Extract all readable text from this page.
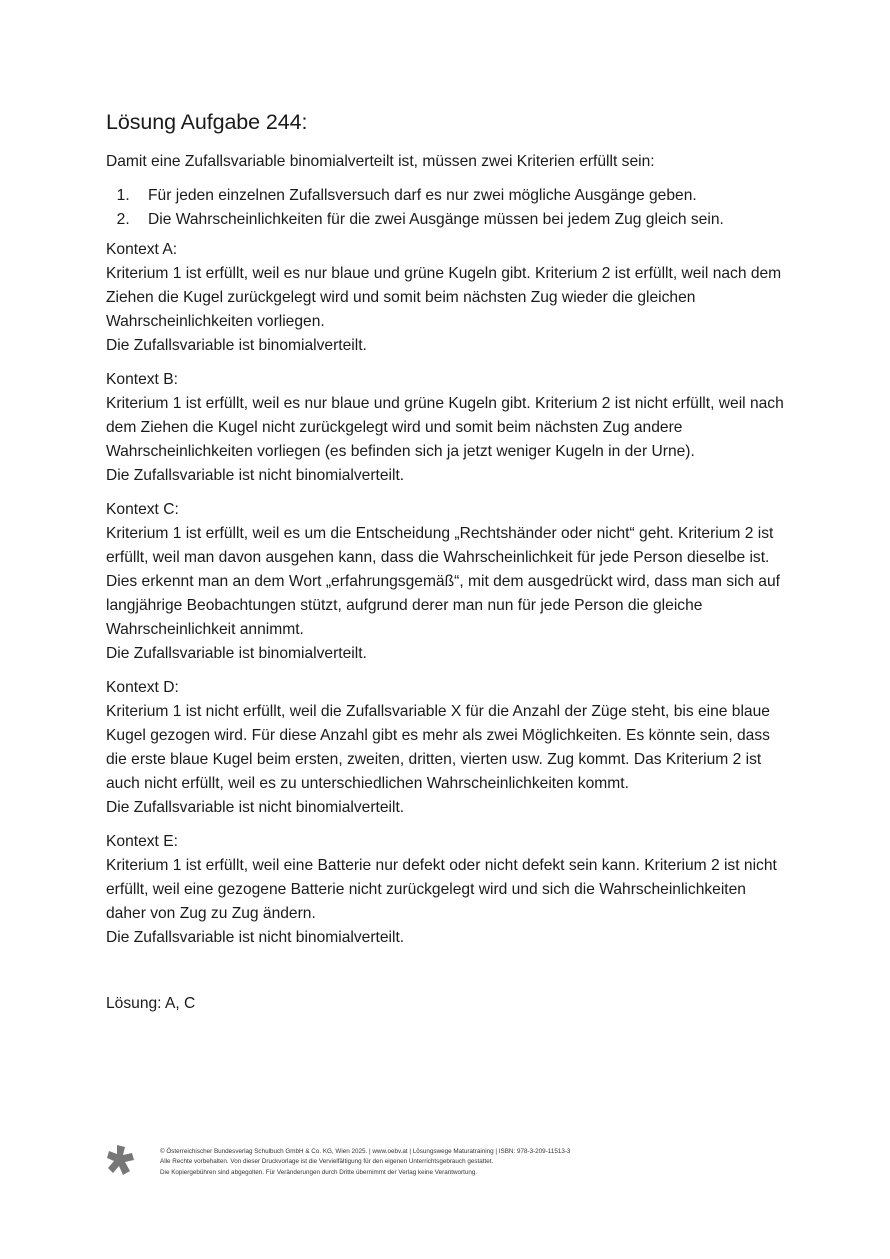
Lösung Aufgabe 244:

Damit eine Zufallsvariable binomialverteilt ist, müssen zwei Kriterien erfüllt sein:

1. Für jeden einzelnen Zufallsversuch darf es nur zwei mögliche Ausgänge geben.
2. Die Wahrscheinlichkeiten für die zwei Ausgänge müssen bei jedem Zug gleich sein.
Kontext A:
Kriterium 1 ist erfüllt, weil es nur blaue und grüne Kugeln gibt. Kriterium 2 ist erfüllt, weil nach dem Ziehen die Kugel zurückgelegt wird und somit beim nächsten Zug wieder die gleichen Wahrscheinlichkeiten vorliegen.
Die Zufallsvariable ist binomialverteilt.
Kontext B:
Kriterium 1 ist erfüllt, weil es nur blaue und grüne Kugeln gibt. Kriterium 2 ist nicht erfüllt, weil nach dem Ziehen die Kugel nicht zurückgelegt wird und somit beim nächsten Zug andere Wahrscheinlichkeiten vorliegen (es befinden sich ja jetzt weniger Kugeln in der Urne).
Die Zufallsvariable ist nicht binomialverteilt.
Kontext C:
Kriterium 1 ist erfüllt, weil es um die Entscheidung „Rechtshänder oder nicht“ geht. Kriterium 2 ist erfüllt, weil man davon ausgehen kann, dass die Wahrscheinlichkeit für jede Person dieselbe ist. Dies erkennt man an dem Wort „erfahrungsgemäß“, mit dem ausgedrückt wird, dass man sich auf langjährige Beobachtungen stützt, aufgrund derer man nun für jede Person die gleiche Wahrscheinlichkeit annimmt.
Die Zufallsvariable ist binomialverteilt.
Kontext D:
Kriterium 1 ist nicht erfüllt, weil die Zufallsvariable X für die Anzahl der Züge steht, bis eine blaue Kugel gezogen wird. Für diese Anzahl gibt es mehr als zwei Möglichkeiten. Es könnte sein, dass die erste blaue Kugel beim ersten, zweiten, dritten, vierten usw. Zug kommt. Das Kriterium 2 ist auch nicht erfüllt, weil es zu unterschiedlichen Wahrscheinlichkeiten kommt.
Die Zufallsvariable ist nicht binomialverteilt.
Kontext E:
Kriterium 1 ist erfüllt, weil eine Batterie nur defekt oder nicht defekt sein kann. Kriterium 2 ist nicht erfüllt, weil eine gezogene Batterie nicht zurückgelegt wird und sich die Wahrscheinlichkeiten daher von Zug zu Zug ändern.
Die Zufallsvariable ist nicht binomialverteilt.

Lösung: A, C

© Österreichischer Bundesverlag Schulbuch GmbH & Co. KG, Wien 2025. | www.oebv.at | Lösungswege Maturatraining | ISBN: 978-3-209-11513-3
Alle Rechte vorbehalten. Von dieser Druckvorlage ist die Vervielfältigung für den eigenen Unterrichtsgebrauch gestattet.
Die Kopiergebühren sind abgegolten. Für Veränderungen durch Dritte übernimmt der Verlag keine Verantwortung.
